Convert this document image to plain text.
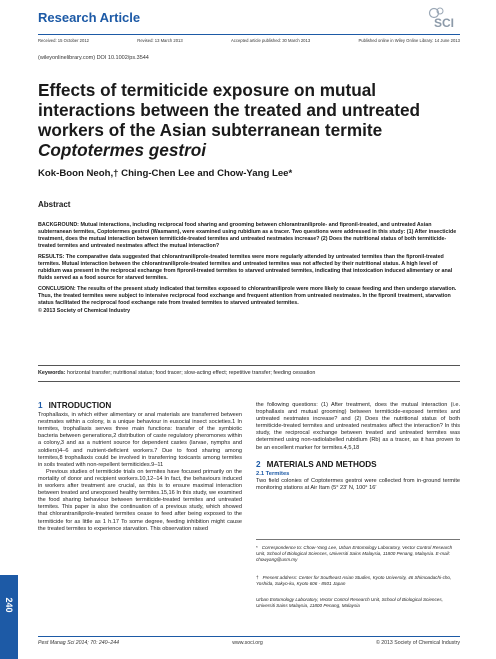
Research Article	SCI
Received: 15 October 2012	Revised: 13 March 2013	Accepted article published: 30 March 2013	Published online in Wiley Online Library: 14 June 2013
(wileyonlinelibrary.com) DOI 10.1002/ps.3544
Effects of termiticide exposure on mutual interactions between the treated and untreated workers of the Asian subterranean termite Coptotermes gestroi
Kok-Boon Neoh,† Ching-Chen Lee and Chow-Yang Lee*
Abstract

BACKGROUND: Mutual interactions, including reciprocal food sharing and grooming between chlorantraniliprole- and fipronil-treated, and untreated Asian subterranean termites, Coptotermes gestroi (Wasmann), were examined using rubidium as a tracer. Two questions were addressed in this study: (1) After insecticide treatment, does the mutual interaction between termiticide-treated termites and untreated nestmates increase? (2) Does the nutritional status of both termiticide-treated termites and untreated nestmates affect the mutual interaction?

RESULTS: The comparative data suggested that chlorantraniliprole-treated termites were more regularly attended by untreated termites than the fipronil-treated termites. Mutual interaction between the chlorantraniliprole-treated termites and untreated termites was not affected by their nutritional status. A high level of rubidium was present in the reciprocal exchange from fipronil-treated termites to starved untreated termites, indicating that intoxication induced alimentary or anal fluids served as a food source for starved termites.

CONCLUSION: The results of the present study indicated that termites exposed to chlorantraniliprole were more likely to cease feeding and then undergo starvation. Thus, the treated termites were subject to intensive reciprocal food exchange and frequent attention from untreated nestmates. In the fipronil treatment, starvation status facilitated the reciprocal food exchange rate from treated termites to starved untreated termites.

© 2013 Society of Chemical Industry

Keywords: horizontal transfer; nutritional status; food tracer; slow-acting effect; repetitive transfer; feeding cessation
1 INTRODUCTION

Trophallaxis, in which either alimentary or anal materials are transferred between nestmates within a colony, is a unique behaviour in eusocial insect societies.1 In termites, trophallaxis serves three main functions: transfer of the symbiotic bacteria between generations,2 distribution of caste regulatory pheromones within a colony,3 and as a nutrient source for dependent castes (larvae, nymphs and soldiers)4–6 and nutrient-deficient workers.7 Due to food sharing among termites,8 trophallaxis could be involved in transferring toxicants among termites in soils treated with non-repellent termiticides.9–11

Previous studies of termiticide trials on termites have focused primarily on the mortality of donor and recipient workers.10,12–14 In fact, the behaviours induced in workers after treatment are crucial, as this is to ensure maximal interaction between treated and unexposed healthy termites.15,16 In this study, we examined the food sharing behaviour between termiticide-treated termites and untreated termites. This paper is also the continuation of a previous study, which showed that chlorantraniliprole-treated termites cease to feed after being exposed to the termiticide for as little as 1 h.17 To some degree, feeding inhibition might cause the treated termites to experience starvation. This observation raised

the following questions: (1) After treatment, does the mutual interaction (i.e. trophallaxis and mutual grooming) between termiticide-exposed termites and untreated nestmates increase? and (2) Does the nutritional status of both termiticide-treated termites and untreated nestmates affect the interaction? In this study, the reciprocal exchange between treated and untreated termites was determined using non-radiolabelled rubidium (Rb) as a tracer, as it has proven to be an excellent marker for termites.4,5,18

2 MATERIALS AND METHODS
2.1 Termites

Two field colonies of Coptotermes gestroi were collected from in-ground termite monitoring stations at Air Itam (5° 23′ N, 100° 16′

* Correspondence to: Chow-Yang Lee, Urban Entomology Laboratory, Vector Control Research Unit, School of Biological Sciences, Universiti Sains Malaysia, 11800 Penang, Malaysia. E-mail: chowyang@usm.my
† Present address: Center for Southeast Asian Studies, Kyoto University, 46 Shimoadachi-cho, Yoshida, Sakyo-ku, Kyoto 606 - 8501 Japan
Urban Entomology Laboratory, Vector Control Research Unit, School of Biological Sciences, Universiti Sains Malaysia, 11800 Penang, Malaysia
240
Pest Manag Sci 2014; 70: 240–244	www.soci.org	© 2013 Society of Chemical Industry
